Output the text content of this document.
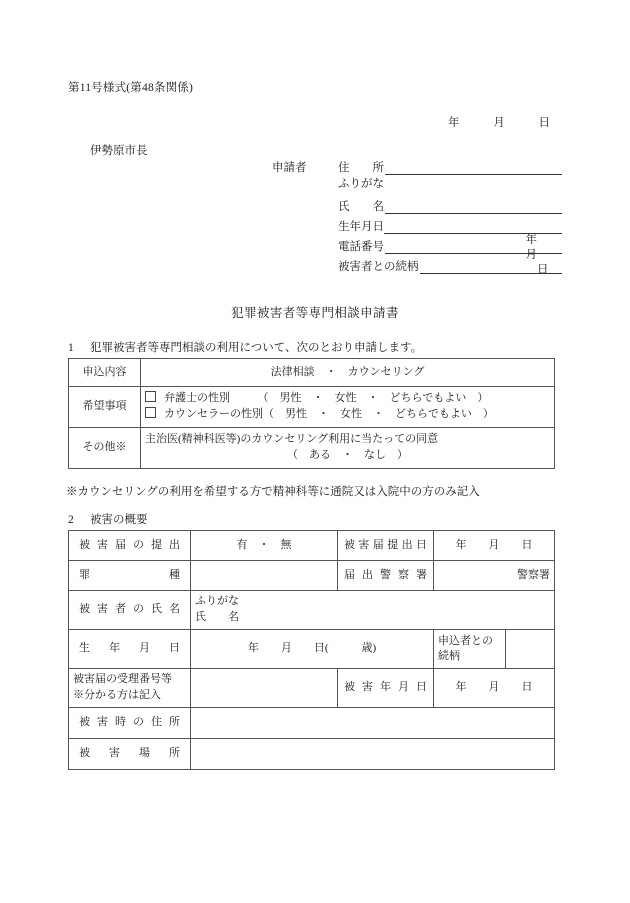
第11号様式(第48条関係)
年	月	日
伊勢原市長
申請者	住　　所
ふりがな
氏　　名
生年月日

年　　
月　　
日　

電話番号
被害者との続柄
犯罪被害者等専門相談申請書
1 犯罪被害者等専門相談の利用について、次のとおり申請します。
申込内容	法律相談　・　カウンセリング
希望事項	弁護士の性別　　　（　男性　・　女性　・　どちらでもよい　）
カウンセラーの性別（　男性　・　女性　・　どちらでもよい　）

その他※	主治医(精神科医等)のカウンセリング利用に当たっての同意
（　ある　・　なし　）
※カウンセリングの利用を希望する方で精神科等に通院又は入院中の方のみ記入
2 被害の概要
被害届の提出	有　・　無	被害届提出日	年　　月　　日	

罪種		届出警察署	警察署	

被害者の氏名	ふりがな
氏　　名			

生年月日	年　　月　　日(　　　歳)		申込者との続柄	

被害届の受理番号等
※分かる方は記入		被害年月日	年　　月　　日	

被害時の住所				

被害場所				
